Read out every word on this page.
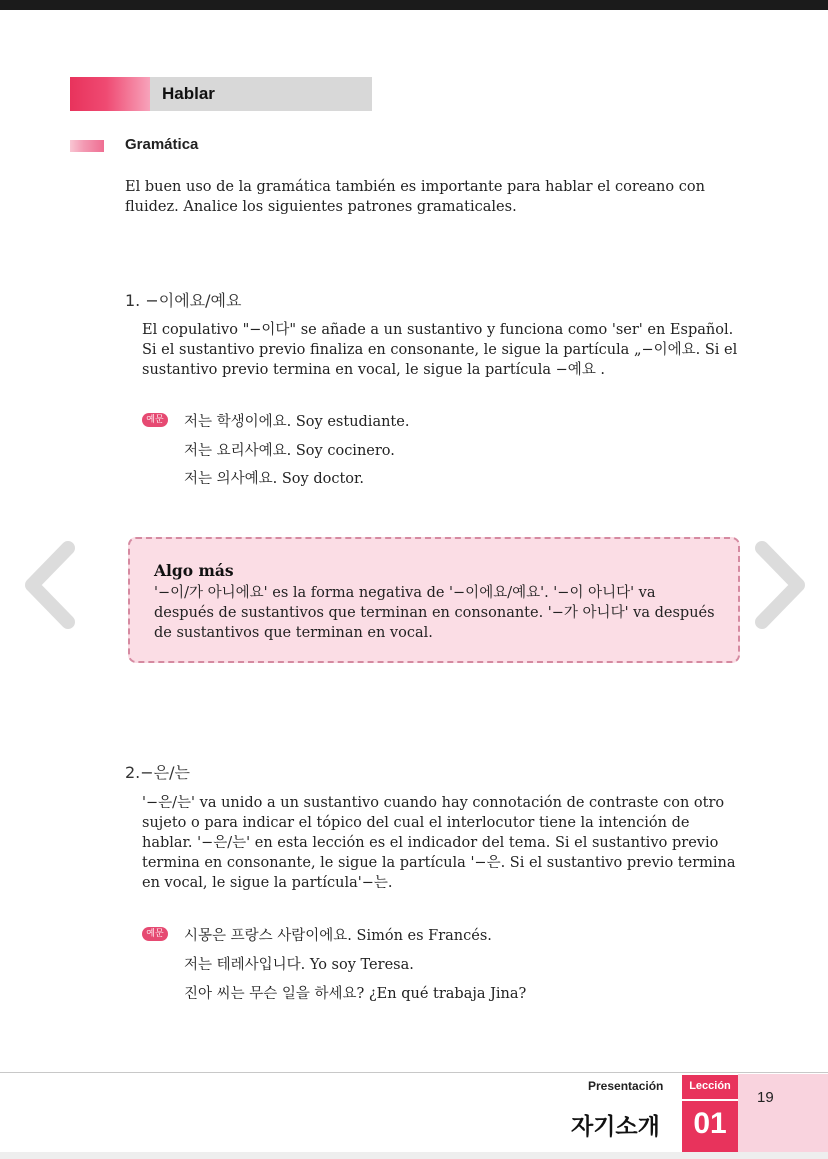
Hablar
Gramática
El buen uso de la gramática también es importante para hablar el coreano con fluidez. Analice los siguientes patrones gramaticales.
1. −이에요/예요
El copulativo "−이다" se añade a un sustantivo y funciona como 'ser' en Español. Si el sustantivo previo finaliza en consonante, le sigue la partícula „−이에요. Si el sustantivo previo termina en vocal, le sigue la partícula −예요 .
예문 저는 학생이에요. Soy estudiante.
저는 요리사예요. Soy cocinero.
저는 의사예요. Soy doctor.
Algo más
'−이/가 아니에요' es la forma negativa de '−이에요/예요'. '−이 아니다' va después de sustantivos que terminan en consonante. '−가 아니다' va después de sustantivos que terminan en vocal.
2.−은/는
'−은/는' va unido a un sustantivo cuando hay connotación de contraste con otro sujeto o para indicar el tópico del cual el interlocutor tiene la intención de hablar. '−은/는' en esta lección es el indicador del tema. Si el sustantivo previo termina en consonante, le sigue la partícula '−은. Si el sustantivo previo termina en vocal, le sigue la partícula'−는.
예문 시몽은 프랑스 사람이에요. Simón es Francés.
저는 테레사입니다. Yo soy Teresa.
진아 씨는 무슨 일을 하세요? ¿En qué trabaja Jina?
Presentación
자기소개
Lección
01
19
